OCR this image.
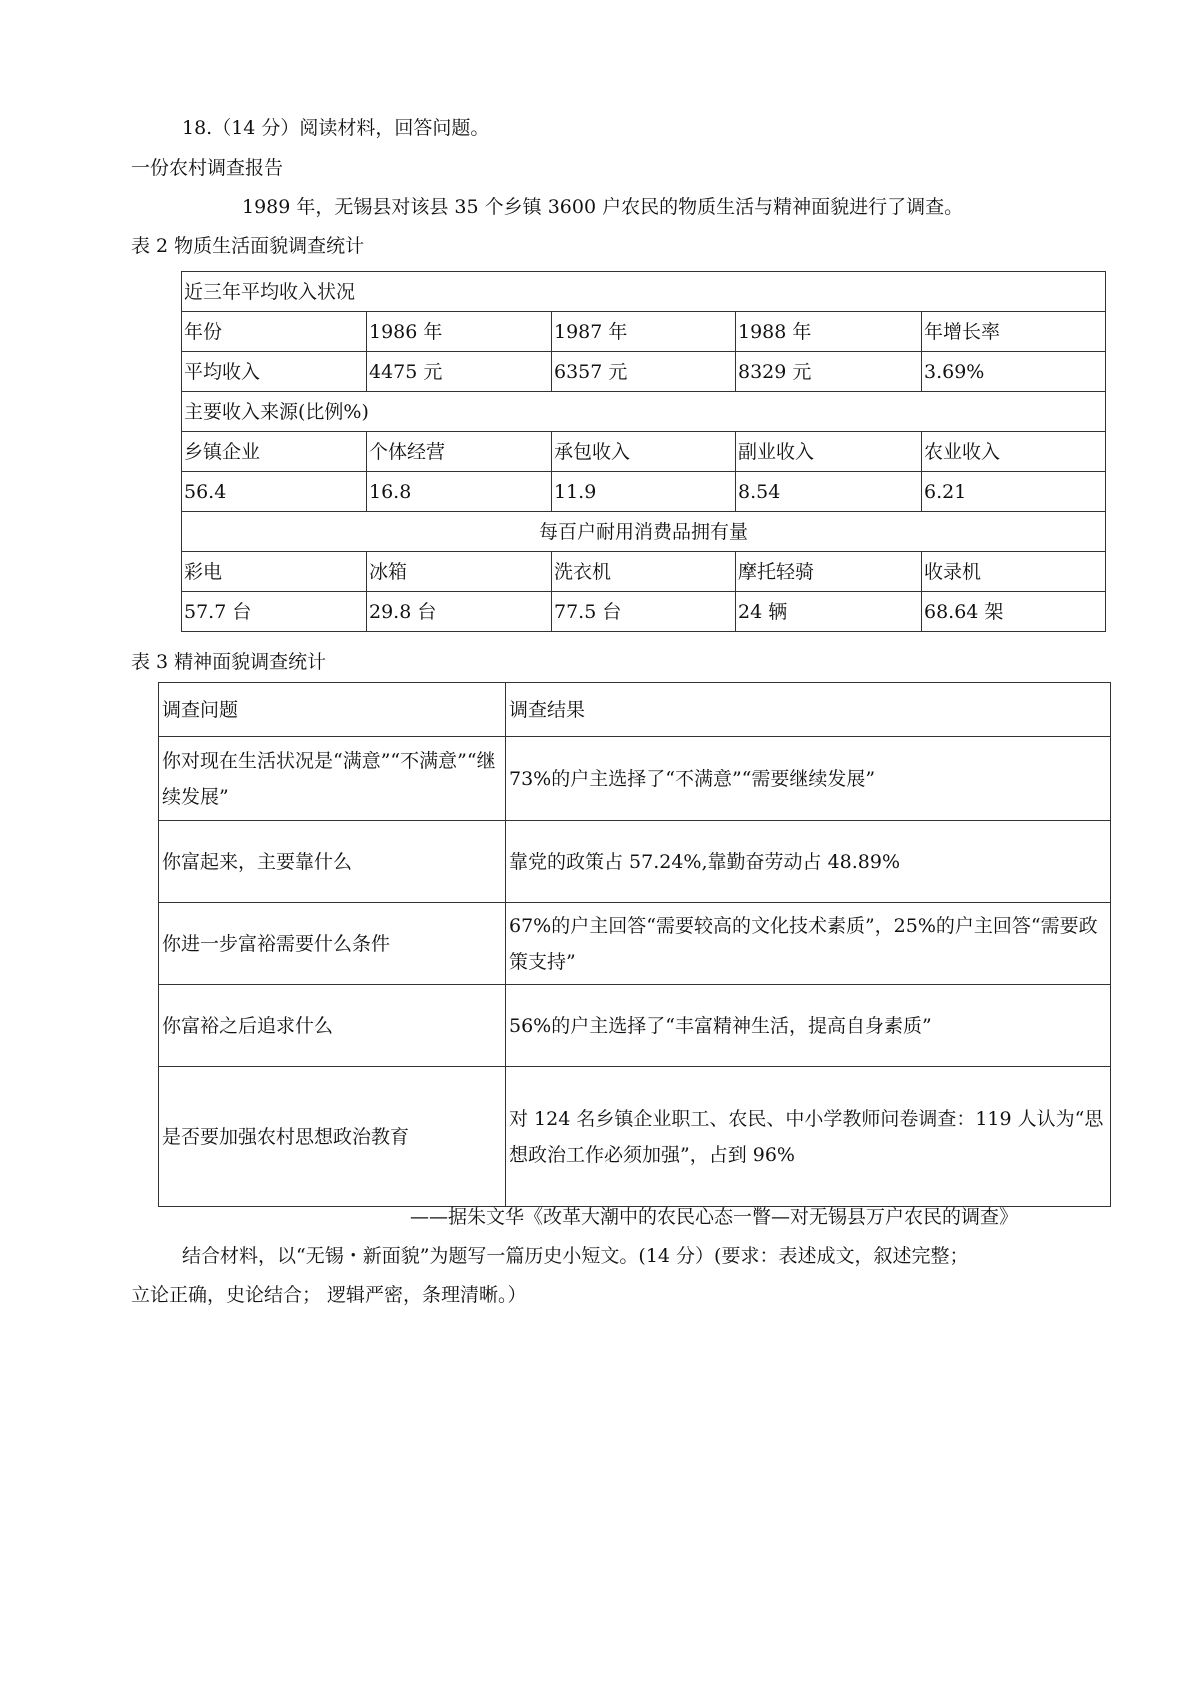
18.（14 分）阅读材料，回答问题。
一份农村调查报告
1989 年，无锡县对该县 35 个乡镇 3600 户农民的物质生活与精神面貌进行了调查。
表 2 物质生活面貌调查统计
近三年平均收入状况				
年份	1986 年	1987 年	1988 年	年增长率
平均收入	4475 元	6357 元	8329 元	3.69%
主要收入来源(比例%)				
乡镇企业	个体经营	承包收入	副业收入	农业收入
56.4	16.8	11.9	8.54	6.21
每百户耐用消费品拥有量				
彩电	冰箱	洗衣机	摩托轻骑	收录机
57.7 台	29.8 台	77.5 台	24 辆	68.64 架
表 3 精神面貌调查统计
调查问题	调查结果
你对现在生活状况是“满意”“不满意”“继续发展”	73%的户主选择了“不满意”“需要继续发展”
你富起来，主要靠什么	靠党的政策占 57.24%,靠勤奋劳动占 48.89%
你进一步富裕需要什么条件	67%的户主回答“需要较高的文化技术素质”，25%的户主回答“需要政策支持”
你富裕之后追求什么	56%的户主选择了“丰富精神生活，提高自身素质”
是否要加强农村思想政治教育	对 124 名乡镇企业职工、农民、中小学教师问卷调查：119 人认为“思想政治工作必须加强”，占到 96%
——据朱文华《改革大潮中的农民心态一瞥—对无锡县万户农民的调查》
结合材料，以“无锡・新面貌”为题写一篇历史小短文。(14 分）(要求：表述成文，叙述完整；
立论正确，史论结合； 逻辑严密，条理清晰。）
